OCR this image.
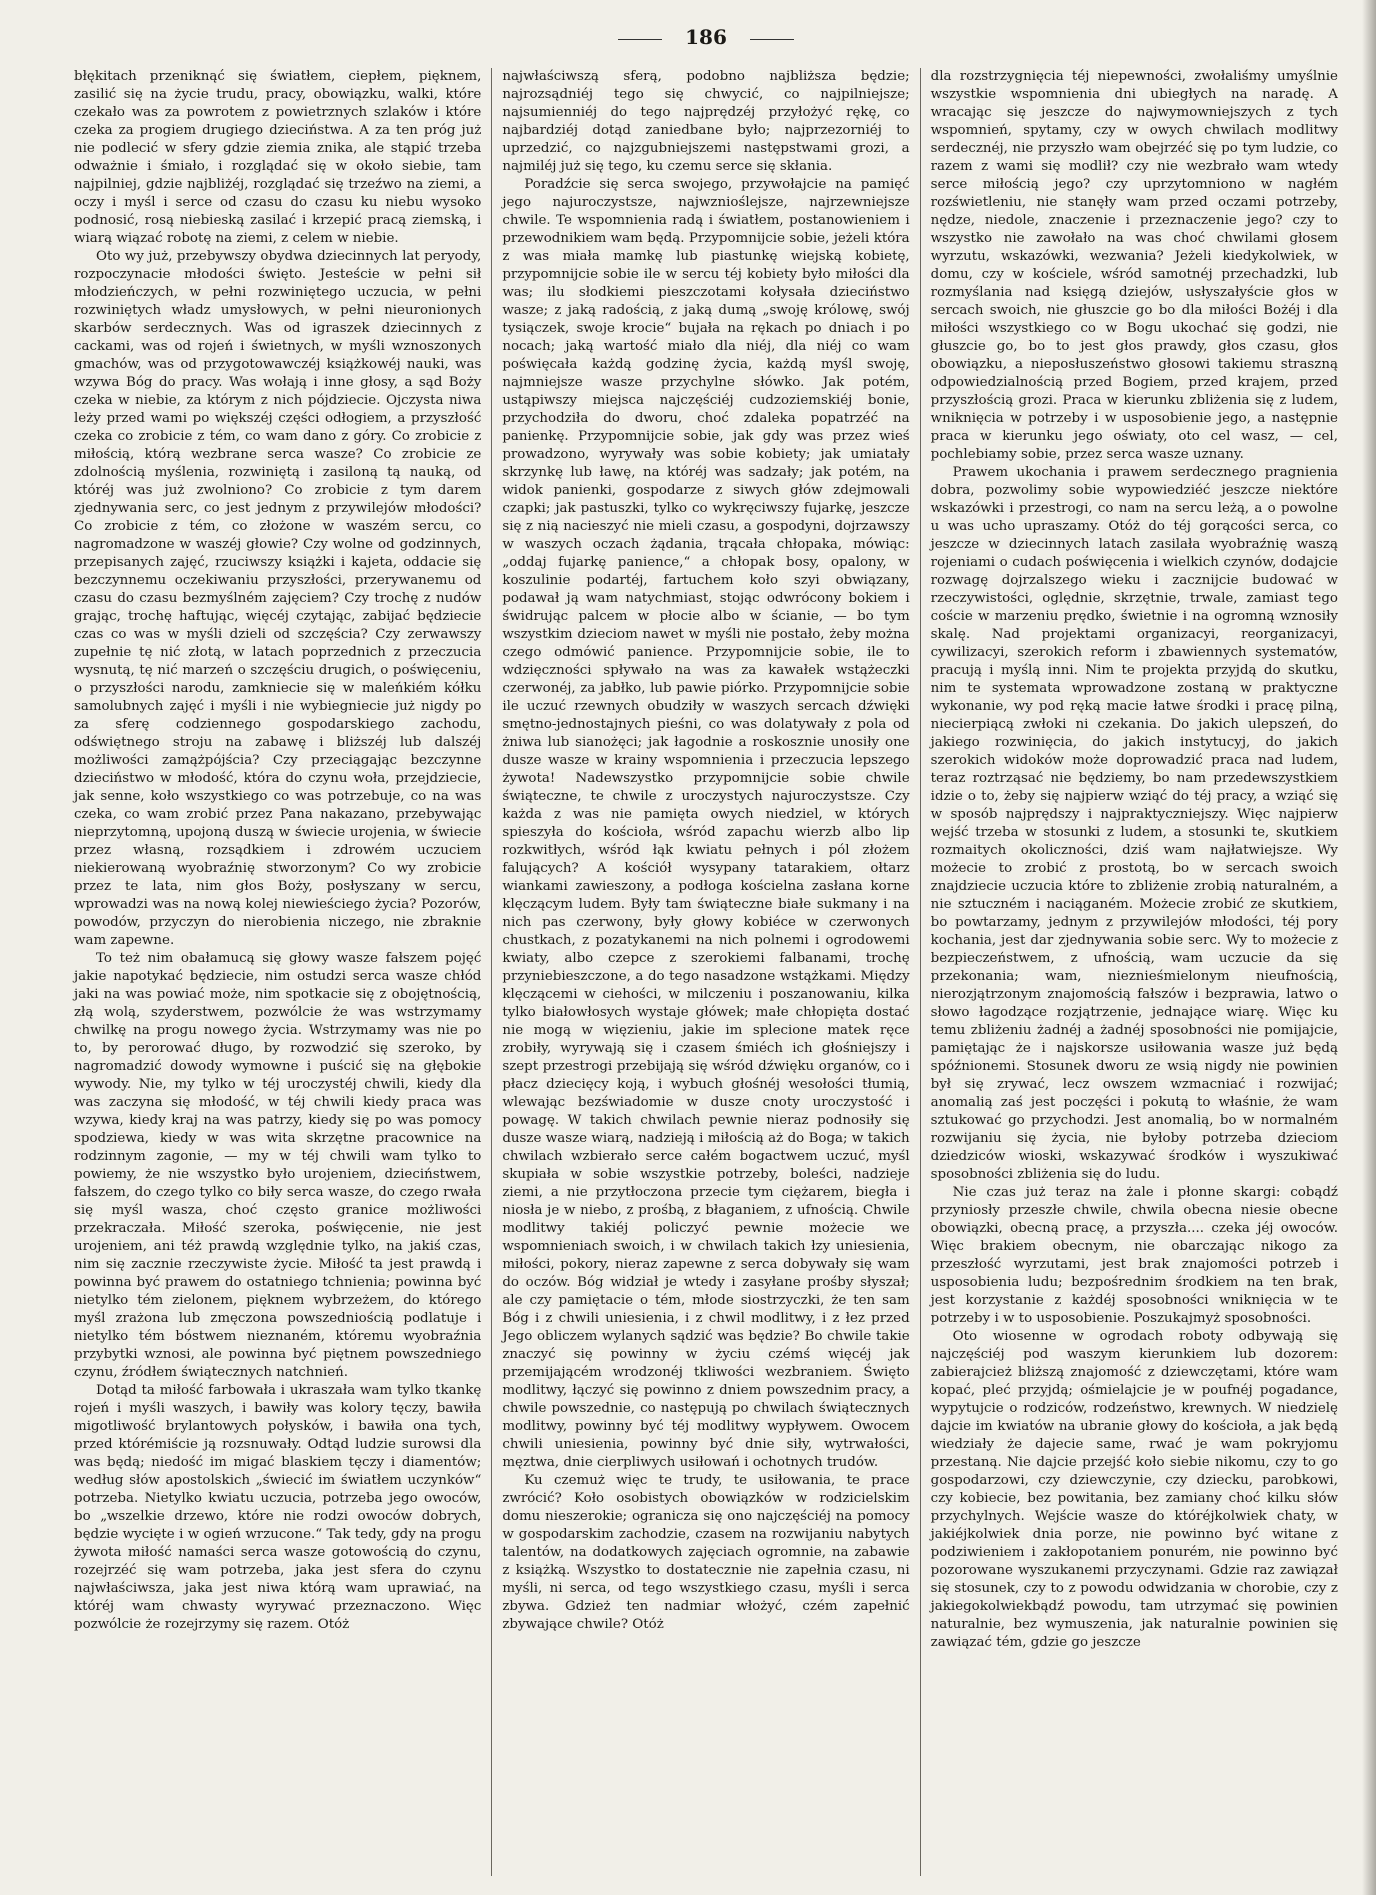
186

błękitach przeniknąć się światłem, ciepłem, pięknem, zasilić się na życie trudu, pracy, obowiązku, walki, które czekało was za powrotem z powietrznych szlaków i które czeka za progiem drugiego dzieciństwa. A za ten próg już nie podlecić w sfery gdzie ziemia znika, ale stąpić trzeba odważnie i śmiało, i rozglądać się w około siebie, tam najpilniej, gdzie najbliżéj, rozglądać się trzeźwo na ziemi, a oczy i myśl i serce od czasu do czasu ku niebu wysoko podnosić, rosą niebieską zasilać i krzepić pracą ziemską, i wiarą wiązać robotę na ziemi, z celem w niebie.

Oto wy już, przebywszy obydwa dziecinnych lat peryody, rozpoczynacie młodości święto. Jesteście w pełni sił młodzieńczych, w pełni rozwiniętego uczucia, w pełni rozwiniętych władz umysłowych, w pełni nieuronionych skarbów serdecznych. Was od igraszek dziecinnych z cackami, was od rojeń i świetnych, w myśli wznoszonych gmachów, was od przygotowawczéj książkowéj nauki, was wzywa Bóg do pracy. Was wołają i inne głosy, a sąd Boży czeka w niebie, za którym z nich pójdziecie. Ojczysta niwa leży przed wami po większéj części odłogiem, a przyszłość czeka co zrobicie z tém, co wam dano z góry. Co zrobicie z miłością, którą wezbrane serca wasze? Co zrobicie ze zdolnością myślenia, rozwiniętą i zasiloną tą nauką, od któréj was już zwolniono? Co zrobicie z tym darem zjednywania serc, co jest jednym z przywilejów młodości? Co zrobicie z tém, co złożone w waszém sercu, co nagromadzone w waszéj głowie? Czy wolne od godzinnych, przepisanych zajęć, rzuciwszy książki i kajeta, oddacie się bezczynnemu oczekiwaniu przyszłości, przerywanemu od czasu do czasu bezmyślném zajęciem? Czy trochę z nudów grając, trochę haftując, więcéj czytając, zabijać będziecie czas co was w myśli dzieli od szczęścia? Czy zerwawszy zupełnie tę nić złotą, w latach poprzednich z przeczucia wysnutą, tę nić marzeń o szczęściu drugich, o poświęceniu, o przyszłości narodu, zamkniecie się w maleńkiém kółku samolubnych zajęć i myśli i nie wybiegniecie już nigdy po za sferę codziennego gospodarskiego zachodu, odświętnego stroju na zabawę i bliższéj lub dalszéj możliwości zamążpójścia? Czy przeciągając bezczynne dzieciństwo w młodość, która do czynu woła, przejdziecie, jak senne, koło wszystkiego co was potrzebuje, co na was czeka, co wam zrobić przez Pana nakazano, przebywając nieprzytomną, upojoną duszą w świecie urojenia, w świecie przez własną, rozsądkiem i zdrowém uczuciem niekierowaną wyobraźnię stworzonym? Co wy zrobicie przez te lata, nim głos Boży, posłyszany w sercu, wprowadzi was na nową kolej niewieściego życia? Pozorów, powodów, przyczyn do nierobienia niczego, nie zbraknie wam zapewne.

To też nim obałamucą się głowy wasze fałszem pojęć jakie napotykać będziecie, nim ostudzi serca wasze chłód jaki na was powiać może, nim spotkacie się z obojętnością, złą wolą, szyderstwem, pozwólcie że was wstrzymamy chwilkę na progu nowego życia. Wstrzymamy was nie po to, by perorować długo, by rozwodzić się szeroko, by nagromadzić dowody wymowne i puścić się na głębokie wywody. Nie, my tylko w téj uroczystéj chwili, kiedy dla was zaczyna się młodość, w téj chwili kiedy praca was wzywa, kiedy kraj na was patrzy, kiedy się po was pomocy spodziewa, kiedy w was wita skrzętne pracownice na rodzinnym zagonie, — my w téj chwili wam tylko to powiemy, że nie wszystko było urojeniem, dzieciństwem, fałszem, do czego tylko co biły serca wasze, do czego rwała się myśl wasza, choć często granice możliwości przekraczała. Miłość szeroka, poświęcenie, nie jest urojeniem, ani téż prawdą względnie tylko, na jakiś czas, nim się zacznie rzeczywiste życie. Miłość ta jest prawdą i powinna być prawem do ostatniego tchnienia; powinna być nietylko tém zielonem, pięknem wybrzeżem, do którego myśl zrażona lub zmęczona powszedniością podlatuje i nietylko tém bóstwem nieznaném, któremu wyobraźnia przybytki wznosi, ale powinna być piętnem powszedniego czynu, źródłem świątecznych natchnień.

Dotąd ta miłość farbowała i ukraszała wam tylko tkankę rojeń i myśli waszych, i bawiły was kolory tęczy, bawiła migotliwość brylantowych połysków, i bawiła ona tych, przed którémiście ją rozsnuwały. Odtąd ludzie surowsi dla was będą; niedość im migać blaskiem tęczy i diamentów; według słów apostolskich „świecić im światłem uczynków“ potrzeba. Nietylko kwiatu uczucia, potrzeba jego owoców, bo „wszelkie drzewo, które nie rodzi owoców dobrych, będzie wycięte i w ogień wrzucone.“ Tak tedy, gdy na progu żywota miłość namaści serca wasze gotowością do czynu, rozejrzéć się wam potrzeba, jaka jest sfera do czynu najwłaściwsza, jaka jest niwa którą wam uprawiać, na któréj wam chwasty wyrywać przeznaczono. Więc pozwólcie że rozejrzymy się razem. Otóż

najwłaściwszą sferą, podobno najbliższa będzie; najrozsądniéj tego się chwycić, co najpilniejsze; najsumienniéj do tego najprędzéj przyłożyć rękę, co najbardziéj dotąd zaniedbane było; najprzezorniéj to uprzedzić, co najzgubniejszemi następstwami grozi, a najmiléj już się tego, ku czemu serce się skłania.

Poradźcie się serca swojego, przywołajcie na pamięć jego najuroczystsze, najwznioślejsze, najrzewniejsze chwile. Te wspomnienia radą i światłem, postanowieniem i przewodnikiem wam będą. Przypomnijcie sobie, jeżeli która z was miała mamkę lub piastunkę wiejską kobietę, przypomnijcie sobie ile w sercu téj kobiety było miłości dla was; ilu słodkiemi pieszczotami kołysała dzieciństwo wasze; z jaką radością, z jaką dumą „swoję królowę, swój tysiączek, swoje krocie“ bujała na rękach po dniach i po nocach; jaką wartość miało dla niéj, dla niéj co wam poświęcała każdą godzinę życia, każdą myśl swoję, najmniejsze wasze przychylne słówko. Jak potém, ustąpiwszy miejsca najczęściéj cudzoziemskiéj bonie, przychodziła do dworu, choć zdaleka popatrzéć na panienkę. Przypomnijcie sobie, jak gdy was przez wieś prowadzono, wyrywały was sobie kobiety; jak umiatały skrzynkę lub ławę, na któréj was sadzały; jak potém, na widok panienki, gospodarze z siwych głów zdejmowali czapki; jak pastuszki, tylko co wykręciwszy fujarkę, jeszcze się z nią nacieszyć nie mieli czasu, a gospodyni, dojrzawszy w waszych oczach żądania, trącała chłopaka, mówiąc: „oddaj fujarkę panience,“ a chłopak bosy, opalony, w koszulinie podartéj, fartuchem koło szyi obwiązany, podawał ją wam natychmiast, stojąc odwrócony bokiem i świdrując palcem w płocie albo w ścianie, — bo tym wszystkim dzieciom nawet w myśli nie postało, żeby można czego odmówić panience. Przypomnijcie sobie, ile to wdzięczności spływało na was za kawałek wstążeczki czerwonéj, za jabłko, lub pawie piórko. Przypomnijcie sobie ile uczuć rzewnych obudziły w waszych sercach dźwięki smętno-jednostajnych pieśni, co was dolatywały z pola od żniwa lub sianożęci; jak łagodnie a roskosznie unosiły one dusze wasze w krainy wspomnienia i przeczucia lepszego żywota! Nadewszystko przypomnijcie sobie chwile świąteczne, te chwile z uroczystych najuroczystsze. Czy każda z was nie pamięta owych niedziel, w których spieszyła do kościoła, wśród zapachu wierzb albo lip rozkwitłych, wśród łąk kwiatu pełnych i pól złożem falujących? A kościół wysypany tatarakiem, ołtarz wiankami zawieszony, a podłoga kościelna zasłana korne klęczącym ludem. Były tam świąteczne białe sukmany i na nich pas czerwony, były głowy kobiéce w czerwonych chustkach, z pozatykanemi na nich polnemi i ogrodowemi kwiaty, albo czepce z szerokiemi falbanami, trochę przyniebieszczone, a do tego nasadzone wstążkami. Między klęczącemi w ciehości, w milczeniu i poszanowaniu, kilka tylko białowłosych wystaje główek; małe chłopięta dostać nie mogą w więzieniu, jakie im splecione matek ręce zrobiły, wyrywają się i czasem śmiéch ich głośniejszy i szept przestrogi przebijają się wśród dźwięku organów, co i płacz dziecięcy koją, i wybuch głośnéj wesołości tłumią, wlewając bezświadomie w dusze cnoty uroczystość i powagę. W takich chwilach pewnie nieraz podnosiły się dusze wasze wiarą, nadzieją i miłością aż do Boga; w takich chwilach wzbierało serce całém bogactwem uczuć, myśl skupiała w sobie wszystkie potrzeby, boleści, nadzieje ziemi, a nie przytłoczona przecie tym ciężarem, biegła i niosła je w niebo, z prośbą, z błaganiem, z ufnością. Chwile modlitwy takiéj policzyć pewnie możecie we wspomnieniach swoich, i w chwilach takich łzy uniesienia, miłości, pokory, nieraz zapewne z serca dobywały się wam do oczów. Bóg widział je wtedy i zasyłane prośby słyszał; ale czy pamiętacie o tém, młode siostrzyczki, że ten sam Bóg i z chwili uniesienia, i z chwil modlitwy, i z łez przed Jego obliczem wylanych sądzić was będzie? Bo chwile takie znaczyć się powinny w życiu czémś więcéj jak przemijającém wrodzonéj tkliwości wezbraniem. Święto modlitwy, łączyć się powinno z dniem powszednim pracy, a chwile powszednie, co następują po chwilach świątecznych modlitwy, powinny być téj modlitwy wypływem. Owocem chwili uniesienia, powinny być dnie siły, wytrwałości, męztwa, dnie cierpliwych usiłowań i ochotnych trudów.

Ku czemuż więc te trudy, te usiłowania, te prace zwrócić? Koło osobistych obowiązków w rodzicielskim domu nieszerokie; ogranicza się ono najczęściéj na pomocy w gospodarskim zachodzie, czasem na rozwijaniu nabytych talentów, na dodatkowych zajęciach ogromnie, na zabawie z książką. Wszystko to dostatecznie nie zapełnia czasu, ni myśli, ni serca, od tego wszystkiego czasu, myśli i serca zbywa. Gdzież ten nadmiar włożyć, czém zapełnić zbywające chwile? Otóż

dla rozstrzygnięcia téj niepewności, zwołaliśmy umyślnie wszystkie wspomnienia dni ubiegłych na naradę. A wracając się jeszcze do najwymowniejszych z tych wspomnień, spytamy, czy w owych chwilach modlitwy serdecznéj, nie przyszło wam obejrzéć się po tym ludzie, co razem z wami się modlił? czy nie wezbrało wam wtedy serce miłością jego? czy uprzytomniono w nagłém rozświetleniu, nie stanęły wam przed oczami potrzeby, nędze, niedole, znaczenie i przeznaczenie jego? czy to wszystko nie zawołało na was choć chwilami głosem wyrzutu, wskazówki, wezwania? Jeżeli kiedykolwiek, w domu, czy w kościele, wśród samotnéj przechadzki, lub rozmyślania nad księgą dziejów, usłyszałyście głos w sercach swoich, nie głuszcie go bo dla miłości Bożéj i dla miłości wszystkiego co w Bogu ukochać się godzi, nie głuszcie go, bo to jest głos prawdy, głos czasu, głos obowiązku, a nieposłuszeństwo głosowi takiemu straszną odpowiedzialnością przed Bogiem, przed krajem, przed przyszłością grozi. Praca w kierunku zbliżenia się z ludem, wniknięcia w potrzeby i w usposobienie jego, a następnie praca w kierunku jego oświaty, oto cel wasz, — cel, pochlebiamy sobie, przez serca wasze uznany.

Prawem ukochania i prawem serdecznego pragnienia dobra, pozwolimy sobie wypowiedziéć jeszcze niektóre wskazówki i przestrogi, co nam na sercu leżą, a o powolne u was ucho upraszamy. Otóż do téj gorącości serca, co jeszcze w dziecinnych latach zasilała wyobraźnię waszą rojeniami o cudach poświęcenia i wielkich czynów, dodajcie rozwagę dojrzalszego wieku i zacznijcie budować w rzeczywistości, oględnie, skrzętnie, trwale, zamiast tego coście w marzeniu prędko, świetnie i na ogromną wznosiły skalę. Nad projektami organizacyi, reorganizacyi, cywilizacyi, szerokich reform i zbawiennych systematów, pracują i myślą inni. Nim te projekta przyjdą do skutku, nim te systemata wprowadzone zostaną w praktyczne wykonanie, wy pod ręką macie łatwe środki i pracę pilną, niecierpiącą zwłoki ni czekania. Do jakich ulepszeń, do jakiego rozwinięcia, do jakich instytucyj, do jakich szerokich widoków może doprowadzić praca nad ludem, teraz roztrząsać nie będziemy, bo nam przedewszystkiem idzie o to, żeby się najpierw wziąć do téj pracy, a wziąć się w sposób najprędszy i najpraktyczniejszy. Więc najpierw wejść trzeba w stosunki z ludem, a stosunki te, skutkiem rozmaitych okoliczności, dziś wam najłatwiejsze. Wy możecie to zrobić z prostotą, bo w sercach swoich znajdziecie uczucia które to zbliżenie zrobią naturalném, a nie sztuczném i naciąganém. Możecie zrobić ze skutkiem, bo powtarzamy, jednym z przywilejów młodości, téj pory kochania, jest dar zjednywania sobie serc. Wy to możecie z bezpieczeństwem, z ufnością, wam uczucie da się przekonania; wam, nieznieśmielonym nieufnością, nierozjątrzonym znajomością fałszów i bezprawia, latwo o słowo łagodzące rozjątrzenie, jednające wiarę. Więc ku temu zbliżeniu żadnéj a żadnéj sposobności nie pomijajcie, pamiętając że i najskorsze usiłowania wasze już będą spóźnionemi. Stosunek dworu ze wsią nigdy nie powinien był się zrywać, lecz owszem wzmacniać i rozwijać; anomalią zaś jest poczęści i pokutą to właśnie, że wam sztukować go przychodzi. Jest anomalią, bo w normalném rozwijaniu się życia, nie byłoby potrzeba dzieciom dziedziców wioski, wskazywać środków i wyszukiwać sposobności zbliżenia się do ludu.

Nie czas już teraz na żale i płonne skargi: cobądź przyniosły przeszłe chwile, chwila obecna niesie obecne obowiązki, obecną pracę, a przyszła.... czeka jéj owoców. Więc brakiem obecnym, nie obarczając nikogo za przeszłość wyrzutami, jest brak znajomości potrzeb i usposobienia ludu; bezpośrednim środkiem na ten brak, jest korzystanie z każdéj sposobności wniknięcia w te potrzeby i w to usposobienie. Poszukajmyż sposobności.

Oto wiosenne w ogrodach roboty odbywają się najczęściéj pod waszym kierunkiem lub dozorem: zabierajcież bliższą znajomość z dziewczętami, które wam kopać, pleć przyjdą; ośmielajcie je w poufnéj pogadance, wypytujcie o rodziców, rodzeństwo, krewnych. W niedzielę dajcie im kwiatów na ubranie głowy do kościoła, a jak będą wiedziały że dajecie same, rwać je wam pokryjomu przestaną. Nie dajcie przejść koło siebie nikomu, czy to go gospodarzowi, czy dziewczynie, czy dziecku, parobkowi, czy kobiecie, bez powitania, bez zamiany choć kilku słów przychylnych. Wejście wasze do któréjkolwiek chaty, w jakiéjkolwiek dnia porze, nie powinno być witane z podziwieniem i zakłopotaniem ponurém, nie powinno być pozorowane wyszukanemi przyczynami. Gdzie raz zawiązał się stosunek, czy to z powodu odwidzania w chorobie, czy z jakiegokolwiekbądź powodu, tam utrzymać się powinien naturalnie, bez wymuszenia, jak naturalnie powinien się zawiązać tém, gdzie go jeszcze
